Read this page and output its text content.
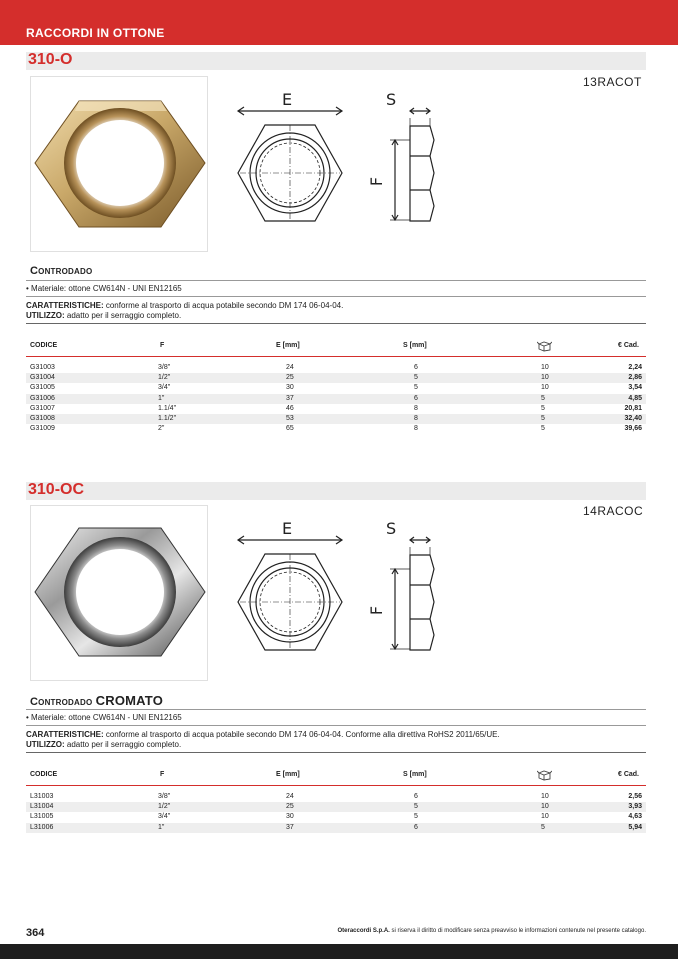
RACCORDI IN OTTONE
310-O
13RACOT
E	S
F
Controdado
• Materiale: ottone CW614N - UNI EN12165
CARATTERISTICHE: conforme al trasporto di acqua potabile secondo DM 174 06-04-04.
UTILIZZO: adatto per il serraggio completo.
CODICE	F	E [mm]	S [mm]	€ Cad.
G31003	3/8"	24	6	10	2,24
G31004	1/2"	25	5	10	2,86
G31005	3/4"	30	5	10	3,54
G31006	1"	37	6	5	4,85
G31007	1.1/4"	46	8	5	20,81
G31008	1.1/2"	53	8	5	32,40
G31009	2"	65	8	5	39,66
310-OC
14RACOC
E	S
F
Controdado CROMATO
• Materiale: ottone CW614N - UNI EN12165
CARATTERISTICHE: conforme al trasporto di acqua potabile secondo DM 174 06-04-04. Conforme alla direttiva RoHS2 2011/65/UE.
UTILIZZO: adatto per il serraggio completo.
CODICE	F	E [mm]	S [mm]	€ Cad.
L31003	3/8"	24	6	10	2,56
L31004	1/2"	25	5	10	3,93
L31005	3/4"	30	5	10	4,63
L31006	1"	37	6	5	5,94
364	Oteraccordi S.p.A. si riserva il diritto di modificare senza preavviso le informazioni contenute nel presente catalogo.
